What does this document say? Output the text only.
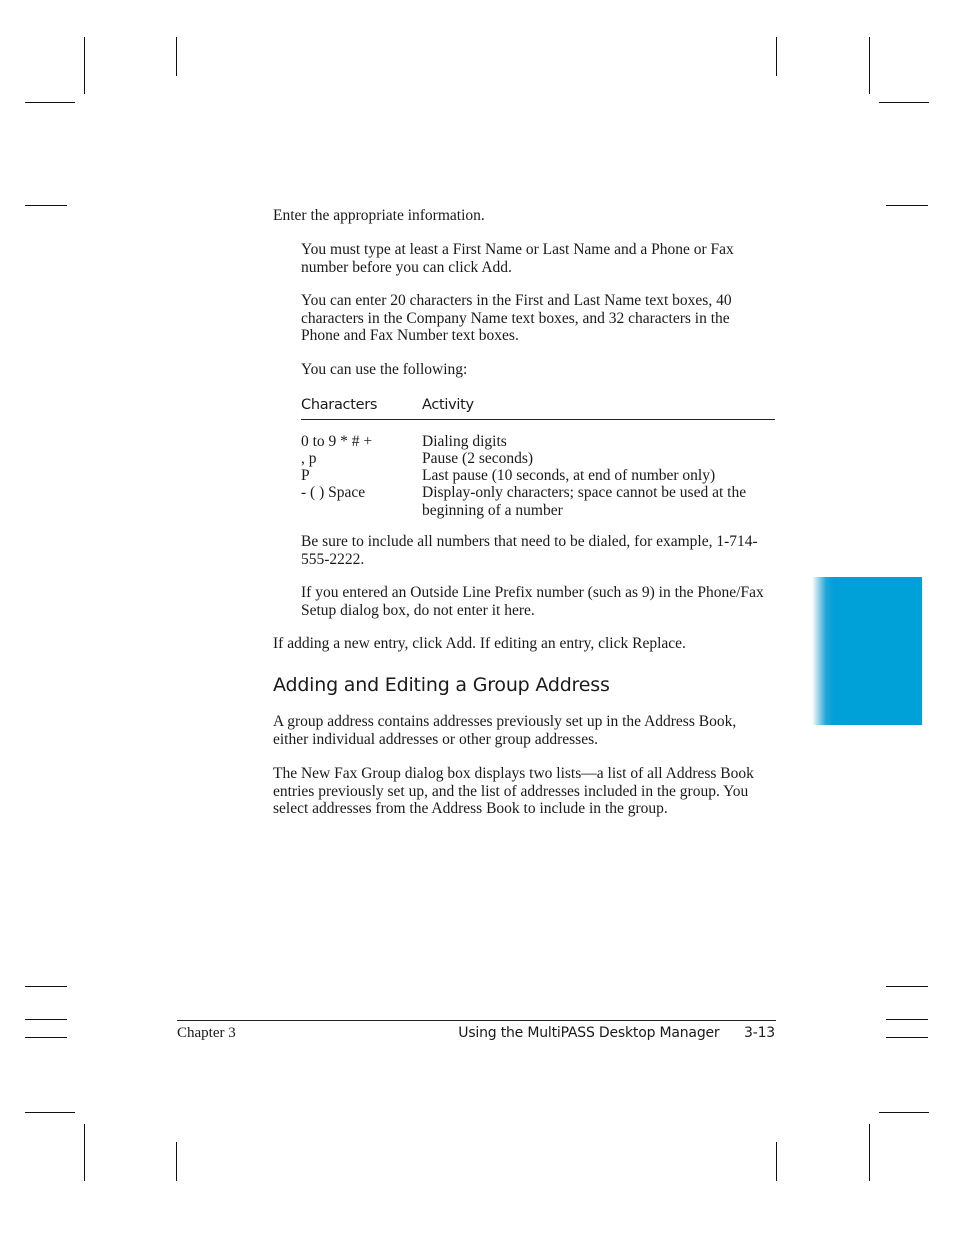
Enter the appropriate information.
You must type at least a First Name or Last Name and a Phone or Fax number before you can click Add.
You can enter 20 characters in the First and Last Name text boxes, 40 characters in the Company Name text boxes, and 32 characters in the Phone and Fax Number text boxes.
You can use the following:
Characters	Activity
0 to 9 * # +	Dialing digits
, p	Pause (2 seconds)
P	Last pause (10 seconds, at end of number only)
- ( ) Space	Display-only characters; space cannot be used at the beginning of a number
Be sure to include all numbers that need to be dialed, for example, 1-714-555-2222.
If you entered an Outside Line Prefix number (such as 9) in the Phone/Fax Setup dialog box, do not enter it here.
If adding a new entry, click Add. If editing an entry, click Replace.
Adding and Editing a Group Address
A group address contains addresses previously set up in the Address Book, either individual addresses or other group addresses.
The New Fax Group dialog box displays two lists—a list of all Address Book entries previously set up, and the list of addresses included in the group. You select addresses from the Address Book to include in the group.
Chapter 3	Using the MultiPASS Desktop Manager 3-13
